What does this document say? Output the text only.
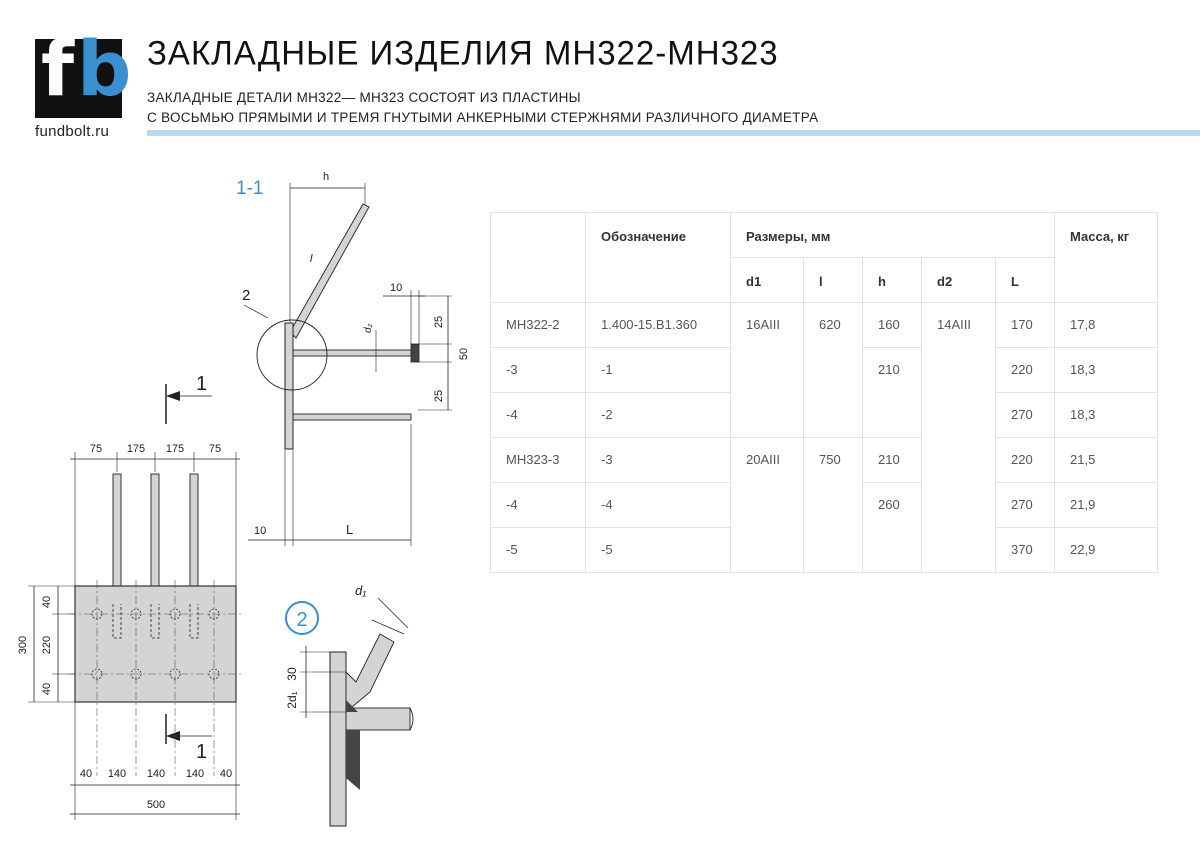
f b
fundbolt.ru
ЗАКЛАДНЫЕ ИЗДЕЛИЯ МН322-МН323
ЗАКЛАДНЫЕ ДЕТАЛИ МН322— МН323 СОСТОЯТ ИЗ ПЛАСТИНЫ
С ВОСЬМЬЮ ПРЯМЫМИ И ТРЕМЯ ГНУТЫМИ АНКЕРНЫМИ СТЕРЖНЯМИ РАЗЛИЧНОГО ДИАМЕТРА
1-1
h
l
2
25
50
25
10
d₂
10	L
1
1
75 175 175 75
40
220
40
300
40 140 140 140 40
500
2
d₁
30
2d₁
	Обозначение	Размеры, мм					Масса, кг
		d1	l	h	d2	L	
МН322-2	1.400-15.В1.360	16AIII	620	160	14AIII	170	17,8
-3	-1			210		220	18,3
-4	-2					270	18,3
МН323-3	-3	20AIII	750	210		220	21,5
-4	-4			260		270	21,9
-5	-5					370	22,9
